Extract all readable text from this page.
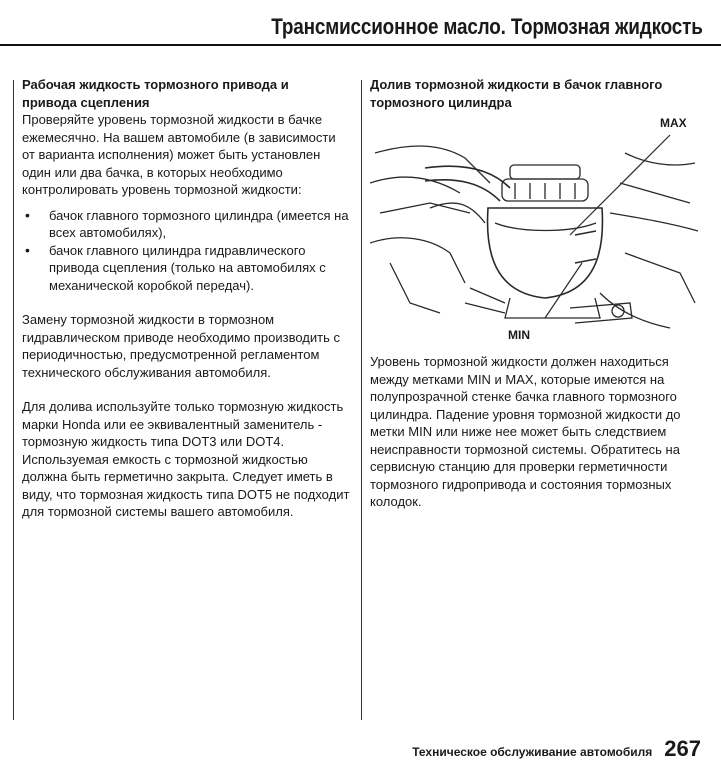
Трансмиссионное масло. Тормозная жидкость
Рабочая жидкость тормозного привода и
привода сцепления

Проверяйте уровень тормозной жидкости в бачке ежемесячно. На вашем автомобиле (в зависимости от варианта исполнения) может быть установлен один или два бачка, в которых необходимо контролировать уровень тормозной жидкости:

• бачок главного тормозного цилиндра (имеется на всех автомобилях),
• бачок главного цилиндра гидравлического привода сцепления (только на автомобилях с механической коробкой передач).

Замену тормозной жидкости в тормозном гидравлическом приводе необходимо производить с периодичностью, предусмотренной регламентом технического обслуживания автомобиля.

Для долива используйте только тормозную жидкость марки Honda или ее эквивалентный заменитель - тормозную жидкость типа DOT3 или DOT4. Используемая емкость с тормозной жидкостью должна быть герметично закрыта. Следует иметь в виду, что тормозная жидкость типа DOT5 не подходит для тормозной системы вашего автомобиля.

Долив тормозной жидкости в бачок главного
тормозного цилиндра
MAX
MIN

Уровень тормозной жидкости должен находиться между метками MIN и MAX, которые имеются на полупрозрачной стенке бачка главного тормозного цилиндра. Падение уровня тормозной жидкости до метки MIN или ниже нее может быть следствием неисправности тормозной системы. Обратитесь на сервисную станцию для проверки герметичности тормозного гидропривода и состояния тормозных колодок.

Техническое обслуживание автомобиля 267
